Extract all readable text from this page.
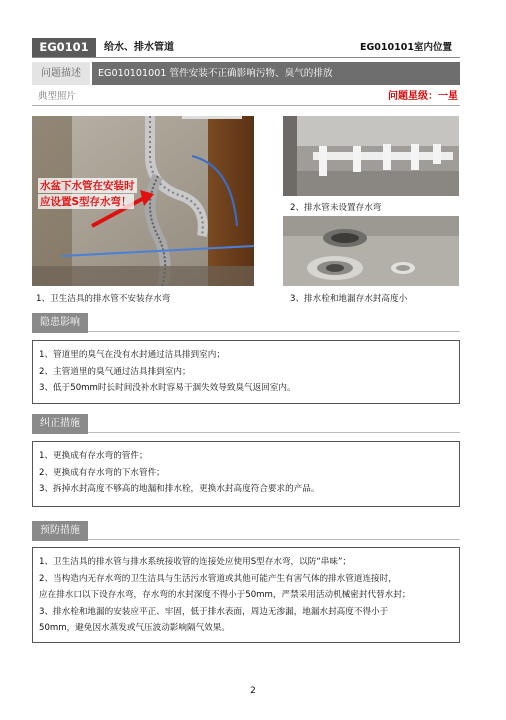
EG0101	给水、排水管道	EG010101室内位置
问题描述	EG010101001 管件安装不正确影响污物、臭气的排放
典型照片	问题星级：一星
水盆下水管在安装时
应设置S型存水弯！
1、卫生洁具的排水管不安装存水弯
2、排水管未设置存水弯
3、排水栓和地漏存水封高度小
隐患影响

1、管道里的臭气在没有水封通过洁具排到室内；

2、主管道里的臭气通过洁具排到室内；

3、低于50mm时长时间没补水时容易干涸失效导致臭气返回室内。

纠正措施

1、更换成有存水弯的管件；

2、更换成有存水弯的下水管件；

3、拆掉水封高度不够高的地漏和排水栓，更换水封高度符合要求的产品。

预防措施

1、卫生洁具的排水管与排水系统接收管的连接处应使用S型存水弯，以防“串味”；

2、当构造内无存水弯的卫生洁具与生活污水管道或其他可能产生有害气体的排水管道连接时，

应在排水口以下设存水弯，存水弯的水封深度不得小于50mm，严禁采用活动机械密封代替水封；

3、排水栓和地漏的安装应平正、牢固，低于排水表面，周边无渗漏，地漏水封高度不得小于

50mm，避免因水蒸发或气压波动影响隔气效果。

2
